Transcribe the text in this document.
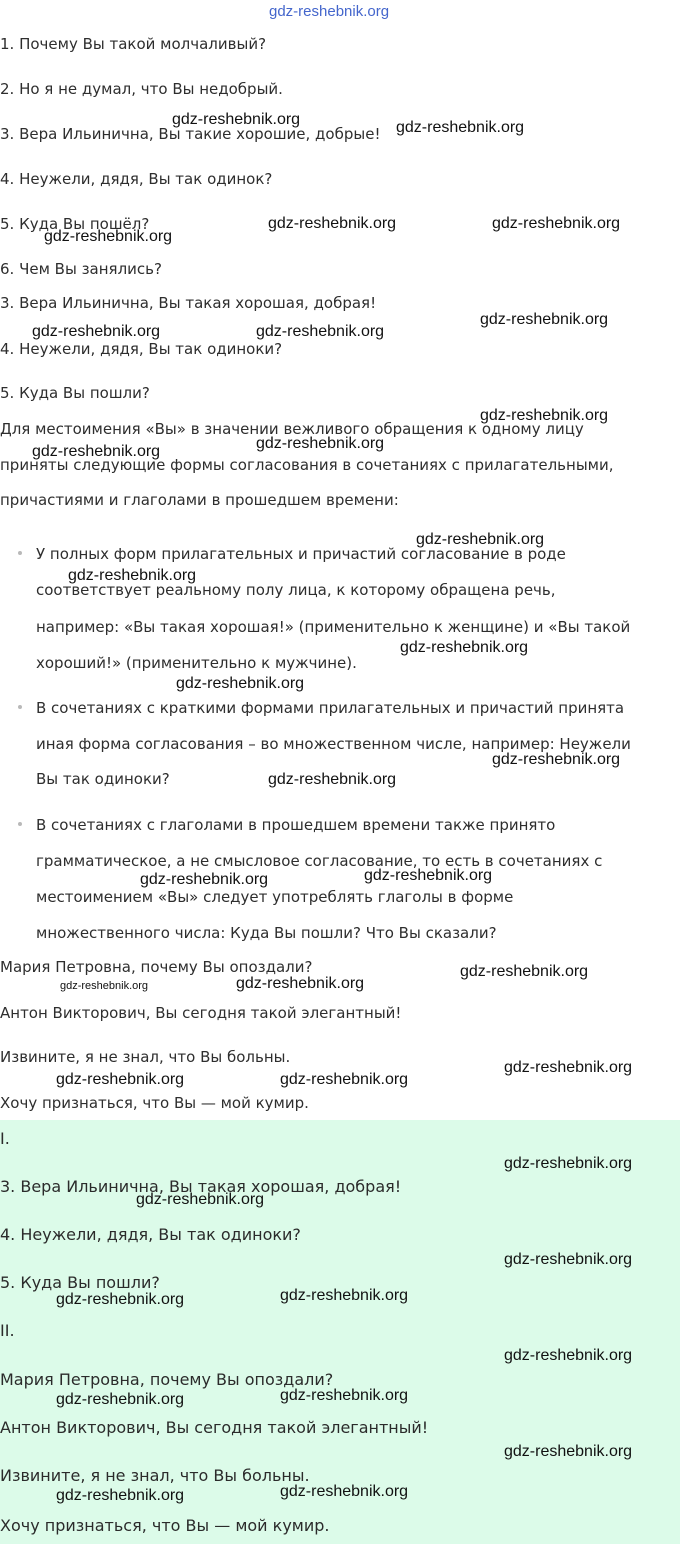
1. Почему Вы такой молчаливый?
2. Но я не думал, что Вы недобрый.
3. Вера Ильинична, Вы такие хорошие, добрые!
4. Неужели, дядя, Вы так одинок?
5. Куда Вы пошёл?
6. Чем Вы занялись?
3. Вера Ильинична, Вы такая хорошая, добрая!
4. Неужели, дядя, Вы так одиноки?
5. Куда Вы пошли?
Для местоимения «Вы» в значении вежливого обращения к одному лицу
приняты следующие формы согласования в сочетаниях с прилагательными,
причастиями и глаголами в прошедшем времени:
У полных форм прилагательных и причастий согласование в роде
соответствует реальному полу лица, к которому обращена речь,
например: «Вы такая хорошая!» (применительно к женщине) и «Вы такой
хороший!» (применительно к мужчине).
В сочетаниях с краткими формами прилагательных и причастий принята
иная форма согласования – во множественном числе, например: Неужели
Вы так одиноки?
В сочетаниях с глаголами в прошедшем времени также принято
грамматическое, а не смысловое согласование, то есть в сочетаниях с
местоимением «Вы» следует употреблять глаголы в форме
множественного числа: Куда Вы пошли? Что Вы сказали?
Мария Петровна, почему Вы опоздали?
Антон Викторович, Вы сегодня такой элегантный!
Извините, я не знал, что Вы больны.
Хочу признаться, что Вы — мой кумир.
I.
3. Вера Ильинична, Вы такая хорошая, добрая!
4. Неужели, дядя, Вы так одиноки?
5. Куда Вы пошли?
II.
Мария Петровна, почему Вы опоздали?
Антон Викторович, Вы сегодня такой элегантный!
Извините, я не знал, что Вы больны.
Хочу признаться, что Вы — мой кумир.
gdz-reshebnik.org
gdz-reshebnik.org	gdz-reshebnik.org
gdz-reshebnik.org	gdz-reshebnik.org
gdz-reshebnik.org
gdz-reshebnik.org
gdz-reshebnik.org	gdz-reshebnik.org
gdz-reshebnik.org
gdz-reshebnik.org
gdz-reshebnik.org
gdz-reshebnik.org
gdz-reshebnik.org
gdz-reshebnik.org
gdz-reshebnik.org
gdz-reshebnik.org
gdz-reshebnik.org
gdz-reshebnik.org
gdz-reshebnik.org
gdz-reshebnik.org
gdz-reshebnik.org	gdz-reshebnik.org
gdz-reshebnik.org
gdz-reshebnik.org	gdz-reshebnik.org
gdz-reshebnik.org
gdz-reshebnik.org
gdz-reshebnik.org
gdz-reshebnik.org
gdz-reshebnik.org
gdz-reshebnik.org
gdz-reshebnik.org
gdz-reshebnik.org
gdz-reshebnik.org
gdz-reshebnik.org
gdz-reshebnik.org
